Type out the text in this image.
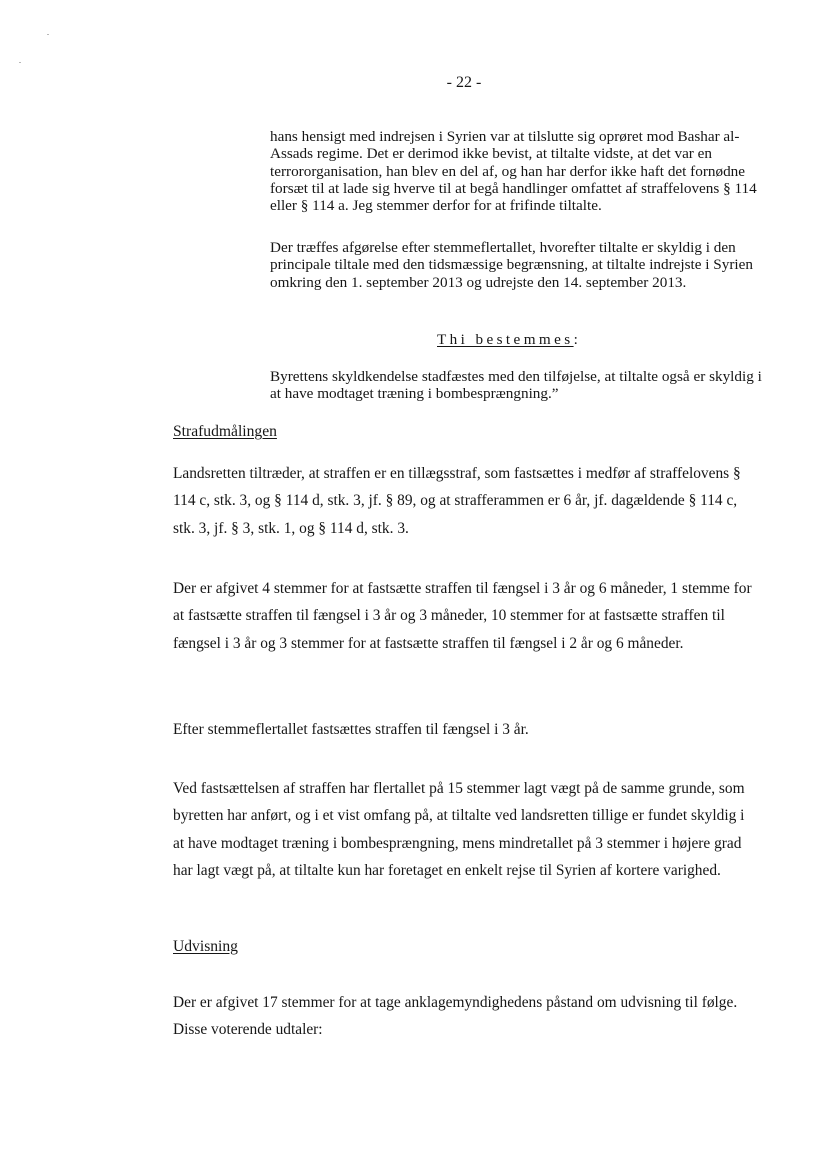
- 22 -
hans hensigt med indrejsen i Syrien var at tilslutte sig oprøret mod Bashar al-Assads regime. Det er derimod ikke bevist, at tiltalte vidste, at det var en terrororganisation, han blev en del af, og han har derfor ikke haft det fornødne forsæt til at lade sig hverve til at begå handlinger omfattet af straffelovens § 114 eller § 114 a. Jeg stemmer derfor for at frifinde tiltalte.
Der træffes afgørelse efter stemmeflertallet, hvorefter tiltalte er skyldig i den principale tiltale med den tidsmæssige begrænsning, at tiltalte indrejste i Syrien omkring den 1. september 2013 og udrejste den 14. september 2013.
Thi bestemmes:
Byrettens skyldkendelse stadfæstes med den tilføjelse, at tiltalte også er skyldig i at have modtaget træning i bombesprængning.”
Strafudmålingen
Landsretten tiltræder, at straffen er en tillægsstraf, som fastsættes i medfør af straffelovens § 114 c, stk. 3, og § 114 d, stk. 3, jf. § 89, og at strafferammen er 6 år, jf. dagældende § 114 c, stk. 3, jf. § 3, stk. 1, og § 114 d, stk. 3.
Der er afgivet 4 stemmer for at fastsætte straffen til fængsel i 3 år og 6 måneder, 1 stemme for at fastsætte straffen til fængsel i 3 år og 3 måneder, 10 stemmer for at fastsætte straffen til fængsel i 3 år og 3 stemmer for at fastsætte straffen til fængsel i 2 år og 6 måneder.
Efter stemmeflertallet fastsættes straffen til fængsel i 3 år.
Ved fastsættelsen af straffen har flertallet på 15 stemmer lagt vægt på de samme grunde, som byretten har anført, og i et vist omfang på, at tiltalte ved landsretten tillige er fundet skyldig i at have modtaget træning i bombesprængning, mens mindretallet på 3 stemmer i højere grad har lagt vægt på, at tiltalte kun har foretaget en enkelt rejse til Syrien af kortere varighed.
Udvisning
Der er afgivet 17 stemmer for at tage anklagemyndighedens påstand om udvisning til følge. Disse voterende udtaler:
